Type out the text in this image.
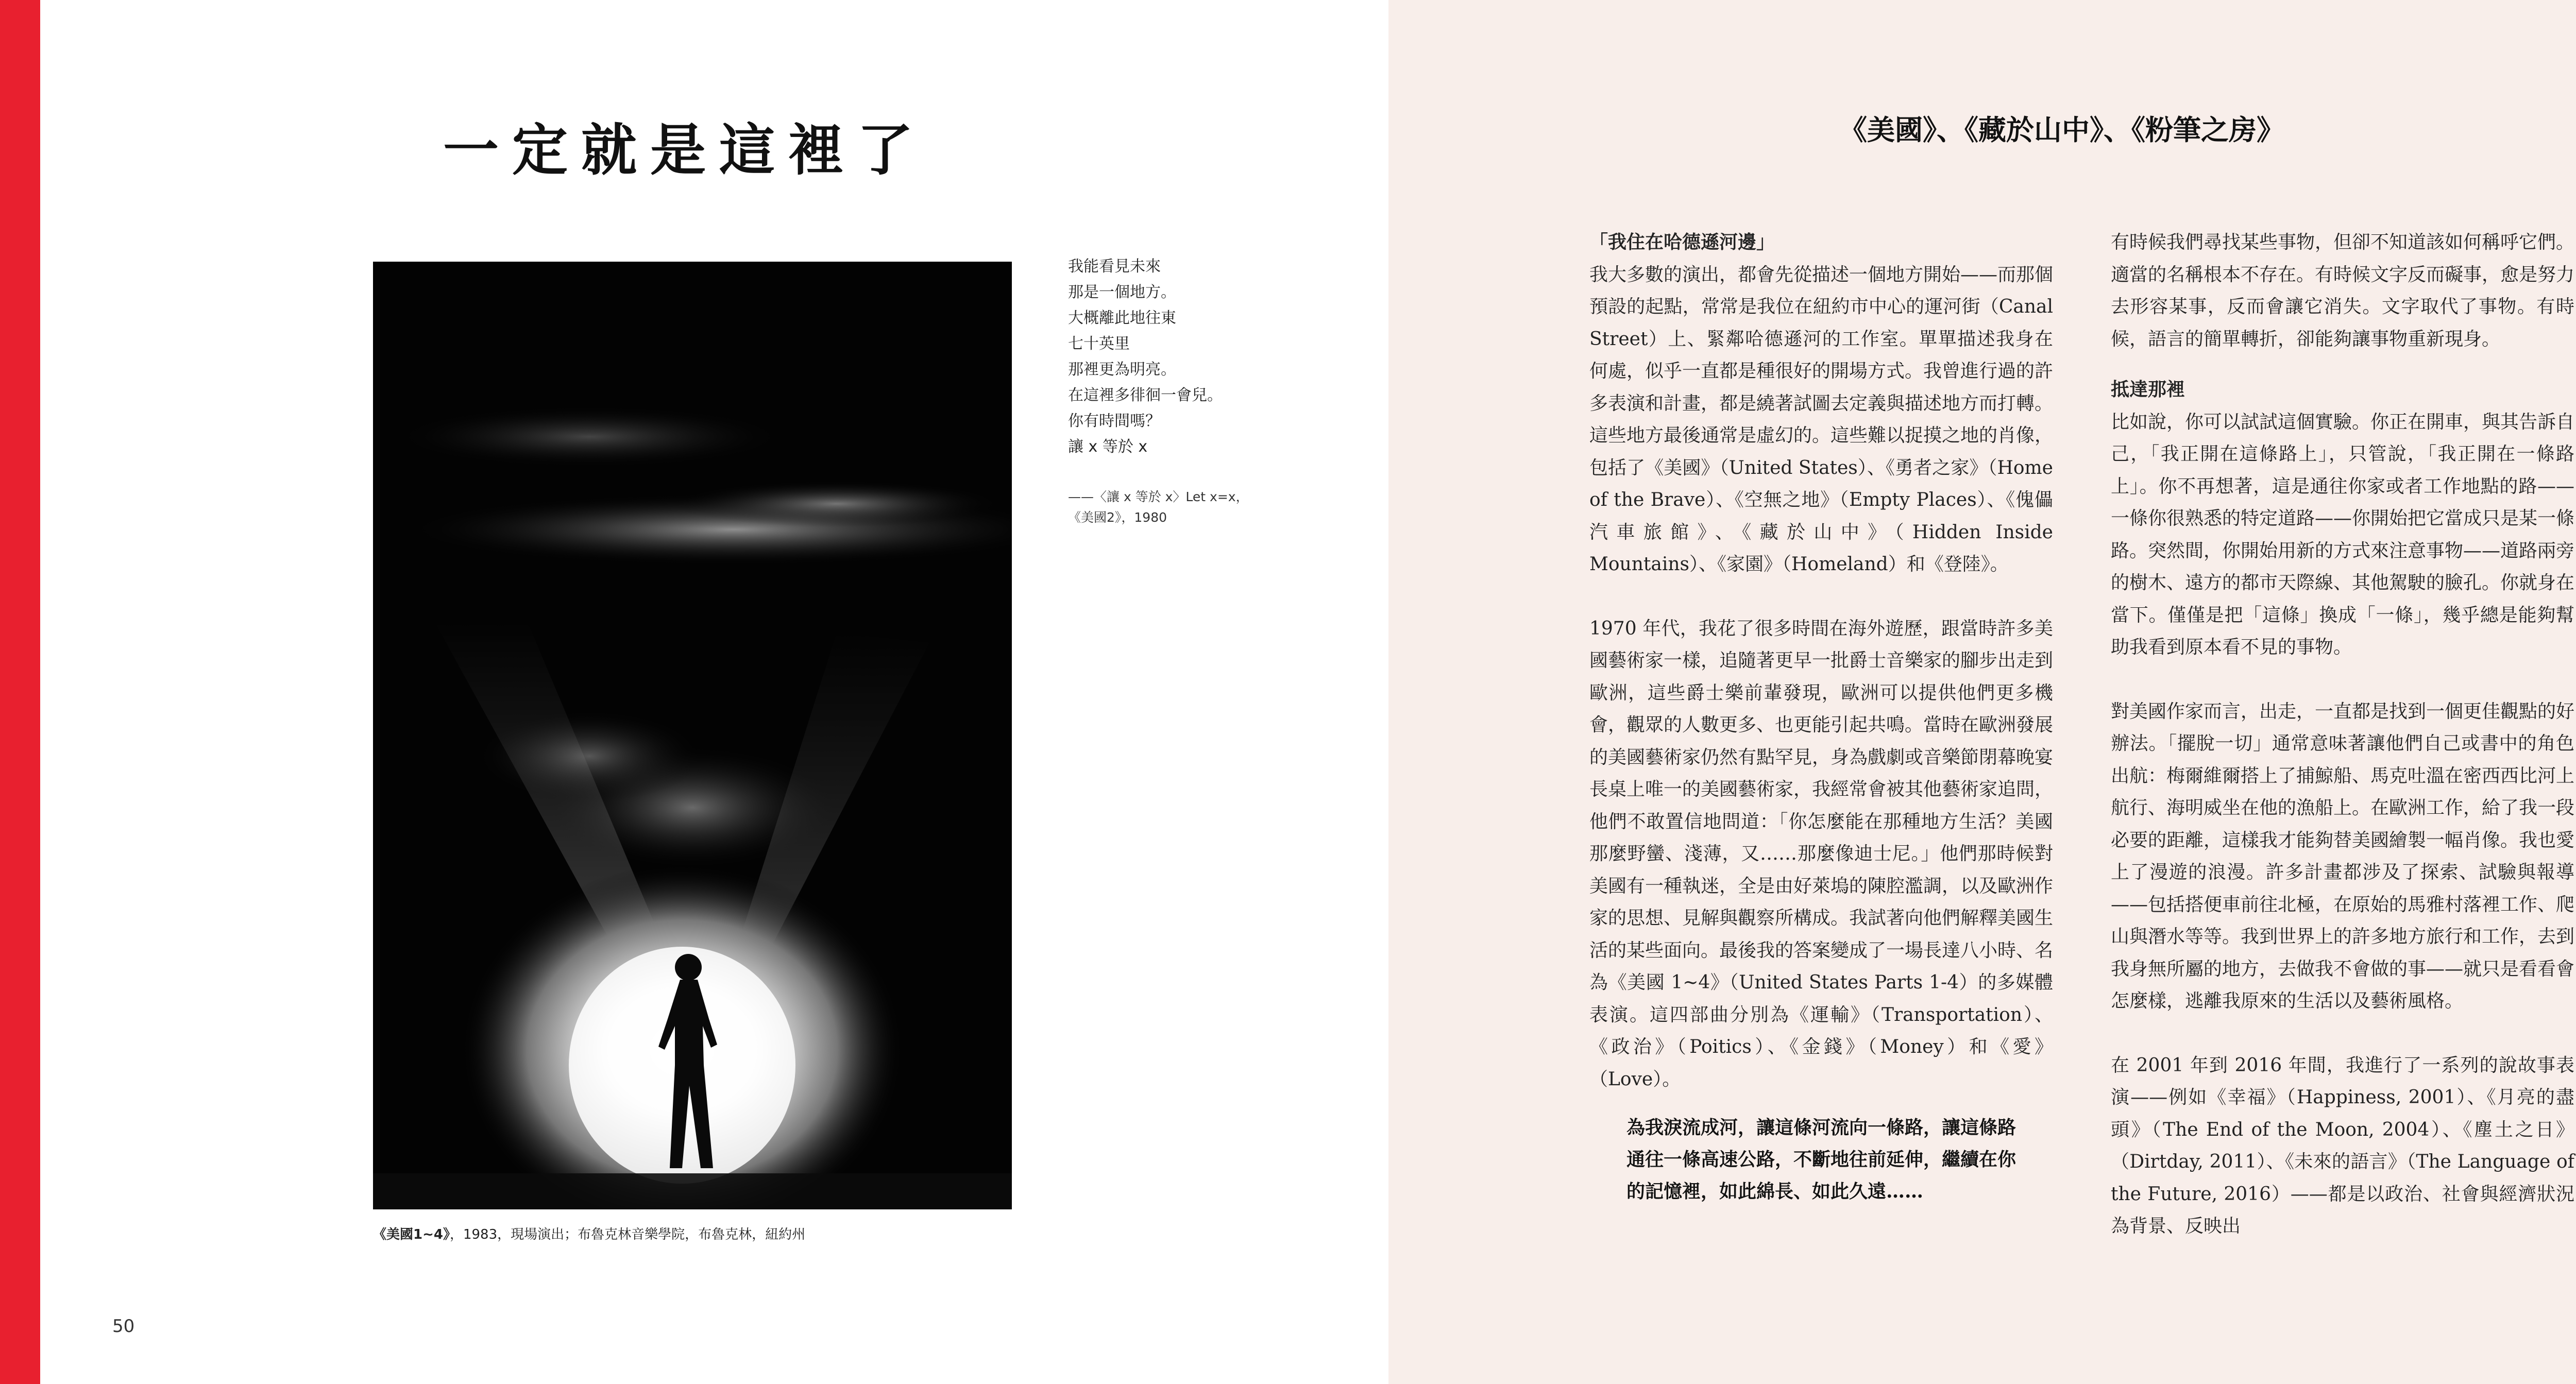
一定就是這裡了
我能看見未來
那是一個地方。
大概離此地往東
七十英里
那裡更為明亮。
在這裡多徘徊一會兒。
你有時間嗎？
讓 x 等於 x
——〈讓 x 等於 x〉Let x=x，
《美國2》，1980
《美國1~4》，1983，現場演出；布魯克林音樂學院，布魯克林，紐約州
50
《美國》、《藏於山中》、《粉筆之房》

「我住在哈德遜河邊」

我大多數的演出，都會先從描述一個地方開始——而那個預設的起點，常常是我位在紐約市中心的運河街（Canal Street）上、緊鄰哈德遜河的工作室。單單描述我身在何處，似乎一直都是種很好的開場方式。我曾進行過的許多表演和計畫，都是繞著試圖去定義與描述地方而打轉。這些地方最後通常是虛幻的。這些難以捉摸之地的肖像，包括了《美國》（United States）、《勇者之家》（Home of the Brave）、《空無之地》（Empty Places）、《傀儡汽車旅館》、《藏於山中》（Hidden Inside Mountains）、《家園》（Homeland）和《登陸》。

1970 年代，我花了很多時間在海外遊歷，跟當時許多美國藝術家一樣，追隨著更早一批爵士音樂家的腳步出走到歐洲，這些爵士樂前輩發現，歐洲可以提供他們更多機會，觀眾的人數更多、也更能引起共鳴。當時在歐洲發展的美國藝術家仍然有點罕見，身為戲劇或音樂節閉幕晚宴長桌上唯一的美國藝術家，我經常會被其他藝術家追問，他們不敢置信地問道：「你怎麼能在那種地方生活？美國那麼野蠻、淺薄，又……那麼像迪士尼。」他們那時候對美國有一種執迷，全是由好萊塢的陳腔濫調，以及歐洲作家的思想、見解與觀察所構成。我試著向他們解釋美國生活的某些面向。最後我的答案變成了一場長達八小時、名為《美國 1~4》（United States Parts 1-4）的多媒體表演。這四部曲分別為《運輸》（Transportation）、《政治》（Poitics）、《金錢》（Money）和《愛》（Love）。

為我淚流成河，讓這條河流向一條路，讓這條路通往一條高速公路，不斷地往前延伸，繼續在你的記憶裡，如此綿長、如此久遠……

有時候我們尋找某些事物，但卻不知道該如何稱呼它們。適當的名稱根本不存在。有時候文字反而礙事，愈是努力去形容某事，反而會讓它消失。文字取代了事物。有時候，語言的簡單轉折，卻能夠讓事物重新現身。

抵達那裡

比如說，你可以試試這個實驗。你正在開車，與其告訴自己，「我正開在這條路上」，只管說，「我正開在一條路上」。你不再想著，這是通往你家或者工作地點的路——一條你很熟悉的特定道路——你開始把它當成只是某一條路。突然間，你開始用新的方式來注意事物——道路兩旁的樹木、遠方的都市天際線、其他駕駛的臉孔。你就身在當下。僅僅是把「這條」換成「一條」，幾乎總是能夠幫助我看到原本看不見的事物。

對美國作家而言，出走，一直都是找到一個更佳觀點的好辦法。「擺脫一切」通常意味著讓他們自己或書中的角色出航：梅爾維爾搭上了捕鯨船、馬克吐溫在密西西比河上航行、海明威坐在他的漁船上。在歐洲工作，給了我一段必要的距離，這樣我才能夠替美國繪製一幅肖像。我也愛上了漫遊的浪漫。許多計畫都涉及了探索、試驗與報導——包括搭便車前往北極，在原始的馬雅村落裡工作、爬山與潛水等等。我到世界上的許多地方旅行和工作，去到我身無所屬的地方，去做我不會做的事——就只是看看會怎麼樣，逃離我原來的生活以及藝術風格。

在 2001 年到 2016 年間，我進行了一系列的說故事表演——例如《幸福》（Happiness, 2001）、《月亮的盡頭》（The End of the Moon, 2004）、《塵土之日》（Dirtday, 2011）、《未來的語言》（The Language of the Future, 2016）——都是以政治、社會與經濟狀況為背景、反映出
